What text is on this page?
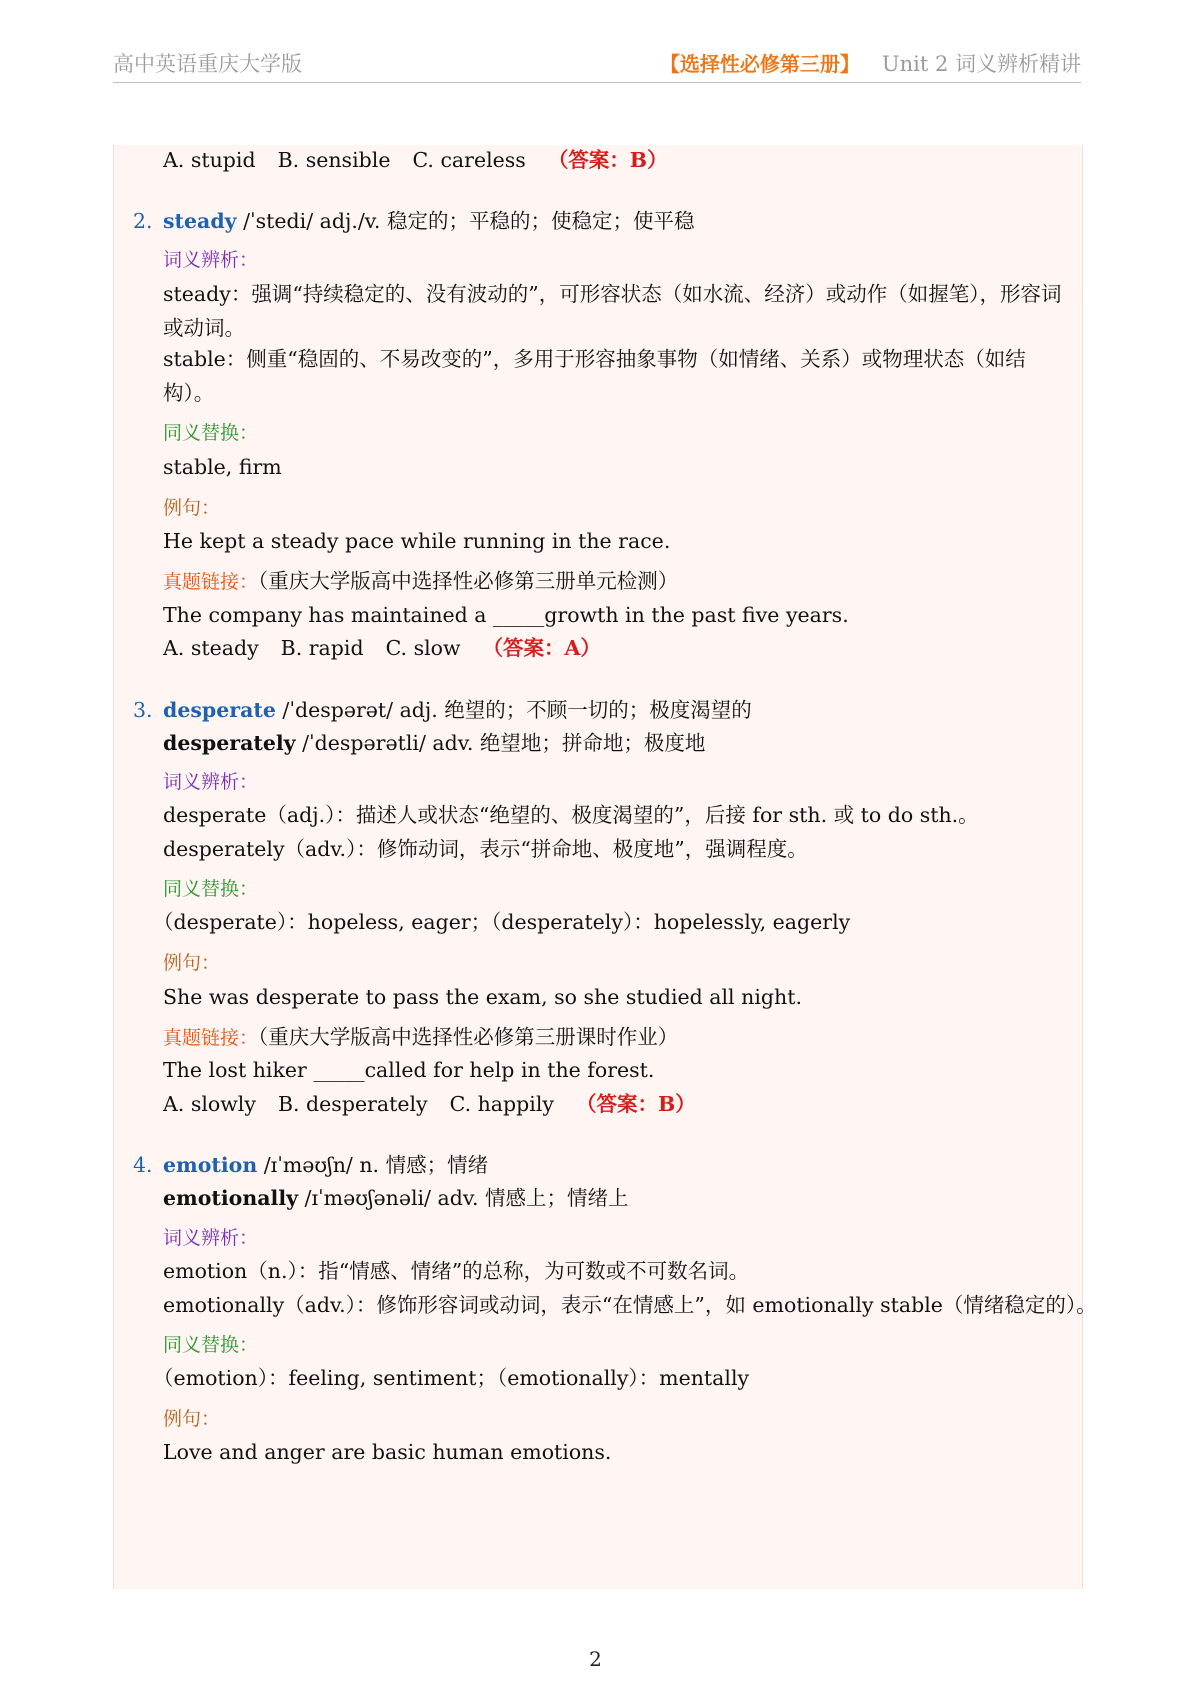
高中英语重庆大学版	【选择性必修第三册】 Unit 2 词义辨析精讲
A. stupid B. sensible C. careless （答案：B）
2. steady /ˈstedi/ adj./v. 稳定的；平稳的；使稳定；使平稳
词义辨析：
steady：强调“持续稳定的、没有波动的”，可形容状态（如水流、经济）或动作（如握笔），形容词或动词。
stable：侧重“稳固的、不易改变的”，多用于形容抽象事物（如情绪、关系）或物理状态（如结构）。
同义替换：
stable, firm
例句：
He kept a steady pace while running in the race.
真题链接：（重庆大学版高中选择性必修第三册单元检测）
The company has maintained a _____growth in the past five years.
A. steady B. rapid C. slow （答案：A）
3. desperate /ˈdespərət/ adj. 绝望的；不顾一切的；极度渴望的
desperately /ˈdespərətli/ adv. 绝望地；拼命地；极度地
词义辨析：
desperate（adj.）：描述人或状态“绝望的、极度渴望的”，后接 for sth. 或 to do sth.。
desperately（adv.）：修饰动词，表示“拼命地、极度地”，强调程度。
同义替换：
（desperate）：hopeless, eager；（desperately）：hopelessly, eagerly
例句：
She was desperate to pass the exam, so she studied all night.
真题链接：（重庆大学版高中选择性必修第三册课时作业）
The lost hiker _____called for help in the forest.
A. slowly B. desperately C. happily （答案：B）
4. emotion /ɪˈməʊʃn/ n. 情感；情绪
emotionally /ɪˈməʊʃənəli/ adv. 情感上；情绪上
词义辨析：
emotion（n.）：指“情感、情绪”的总称，为可数或不可数名词。
emotionally（adv.）：修饰形容词或动词，表示“在情感上”，如 emotionally stable（情绪稳定的）。
同义替换：
（emotion）：feeling, sentiment；（emotionally）：mentally
例句：
Love and anger are basic human emotions.
2
